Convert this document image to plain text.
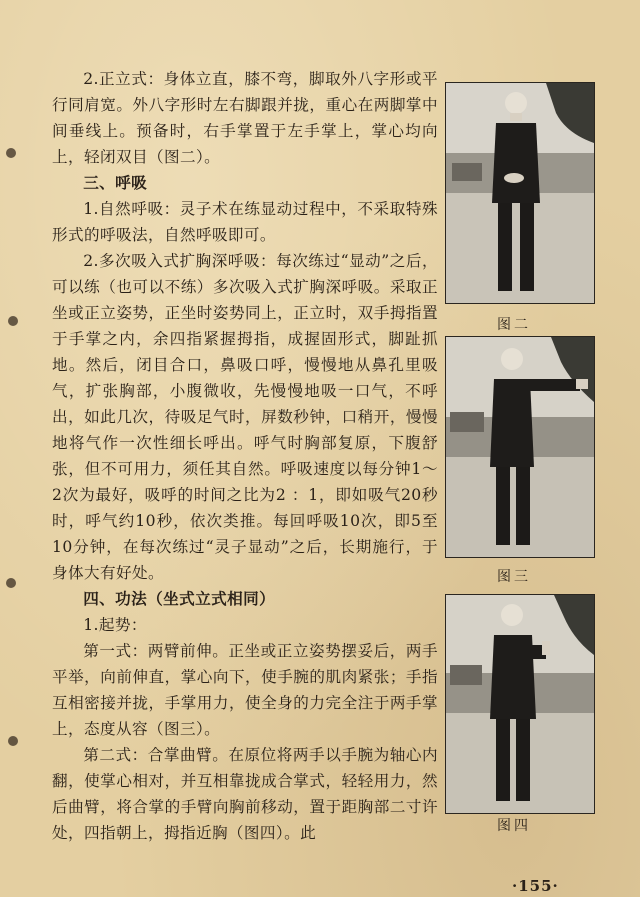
2.正立式：身体立直，膝不弯，脚取外八字形或平行同肩宽。外八字形时左右脚跟并拢，重心在两脚掌中间垂线上。预备时，右手掌置于左手掌上，掌心均向上，轻闭双目（图二）。

三、呼吸

1.自然呼吸：灵子术在练显动过程中，不采取特殊形式的呼吸法，自然呼吸即可。

2.多次吸入式扩胸深呼吸：每次练过“显动”之后，可以练（也可以不练）多次吸入式扩胸深呼吸。采取正坐或正立姿势，正坐时姿势同上，正立时，双手拇指置于手掌之内，余四指紧握拇指，成握固形式，脚趾抓地。然后，闭目合口，鼻吸口呼，慢慢地从鼻孔里吸气，扩张胸部，小腹微收，先慢慢地吸一口气，不呼出，如此几次，待吸足气时，屏数秒钟，口稍开，慢慢地将气作一次性细长呼出。呼气时胸部复原，下腹舒张，但不可用力，须任其自然。呼吸速度以每分钟1～2次为最好，吸呼的时间之比为2 ：1，即如吸气20秒时，呼气约10秒，依次类推。每回呼吸10次，即5至10分钟，在每次练过“灵子显动”之后，长期施行，于身体大有好处。

四、功法（坐式立式相同）

1.起势：

第一式：两臂前伸。正坐或正立姿势摆妥后，两手平举，向前伸直，掌心向下，使手腕的肌肉紧张；手指互相密接并拢，手掌用力，使全身的力完全注于两手掌上，态度从容（图三）。

第二式：合掌曲臂。在原位将两手以手腕为轴心内翻，使掌心相对，并互相靠拢成合掌式，轻轻用力，然后曲臂，将合掌的手臂向胸前移动，置于距胸部二寸许处，四指朝上，拇指近胸（图四）。此

图二
图三
图四
·155·
